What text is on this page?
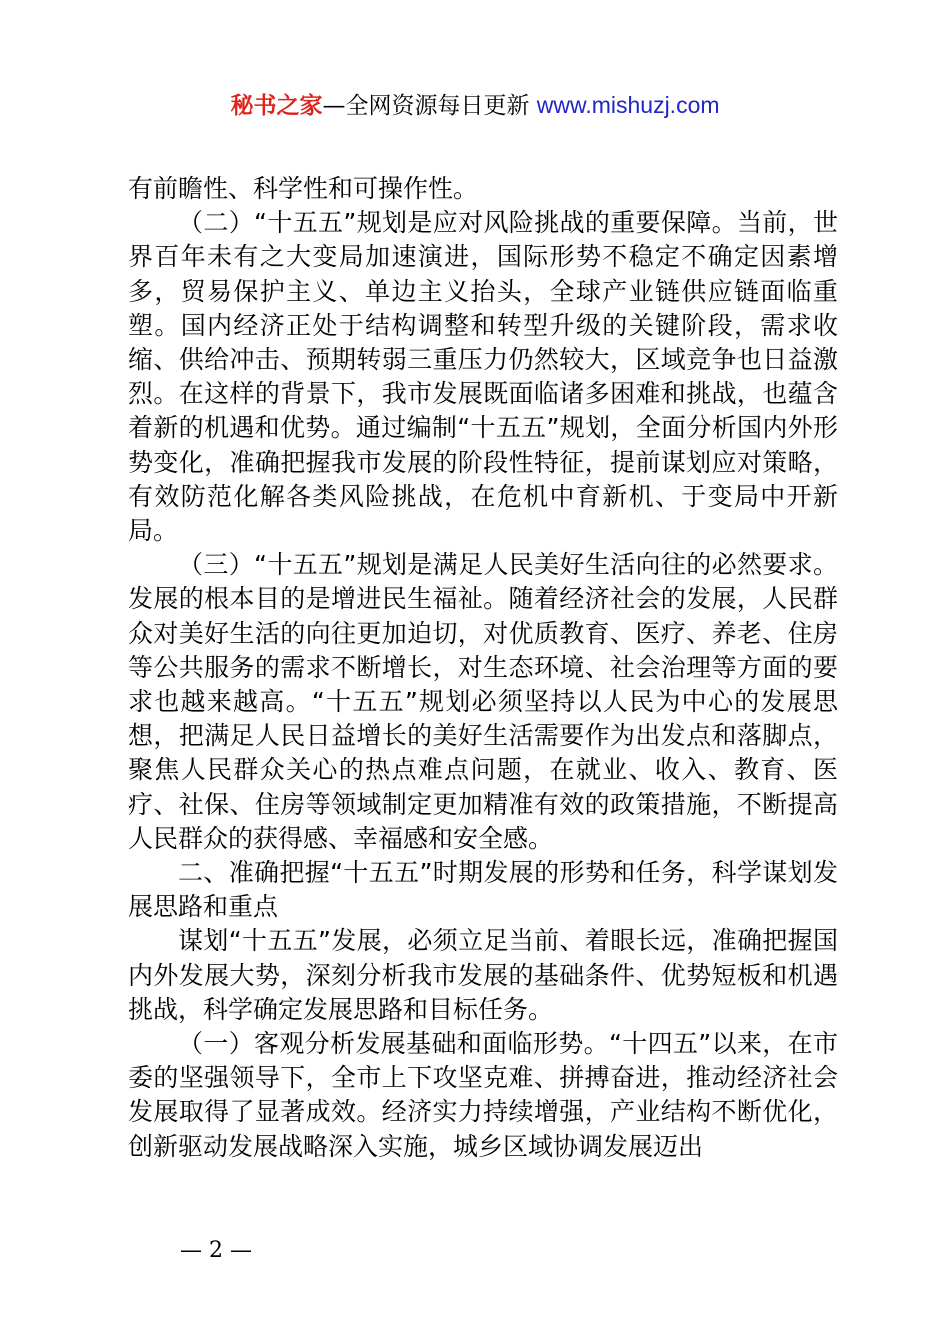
秘书之家—全网资源每日更新 www.mishuzj.com

有前瞻性、科学性和可操作性。

（二）“十五五”规划是应对风险挑战的重要保障。当前，世界百年未有之大变局加速演进，国际形势不稳定不确定因素增多，贸易保护主义、单边主义抬头，全球产业链供应链面临重塑。国内经济正处于结构调整和转型升级的关键阶段，需求收缩、供给冲击、预期转弱三重压力仍然较大，区域竞争也日益激烈。在这样的背景下，我市发展既面临诸多困难和挑战，也蕴含着新的机遇和优势。通过编制“十五五”规划，全面分析国内外形势变化，准确把握我市发展的阶段性特征，提前谋划应对策略，有效防范化解各类风险挑战，在危机中育新机、于变局中开新局。

（三）“十五五”规划是满足人民美好生活向往的必然要求。发展的根本目的是增进民生福祉。随着经济社会的发展，人民群众对美好生活的向往更加迫切，对优质教育、医疗、养老、住房等公共服务的需求不断增长，对生态环境、社会治理等方面的要求也越来越高。“十五五”规划必须坚持以人民为中心的发展思想，把满足人民日益增长的美好生活需要作为出发点和落脚点，聚焦人民群众关心的热点难点问题，在就业、收入、教育、医疗、社保、住房等领域制定更加精准有效的政策措施，不断提高人民群众的获得感、幸福感和安全感。

二、准确把握“十五五”时期发展的形势和任务，科学谋划发展思路和重点

谋划“十五五”发展，必须立足当前、着眼长远，准确把握国内外发展大势，深刻分析我市发展的基础条件、优势短板和机遇挑战，科学确定发展思路和目标任务。

（一）客观分析发展基础和面临形势。“十四五”以来，在市委的坚强领导下，全市上下攻坚克难、拼搏奋进，推动经济社会发展取得了显著成效。经济实力持续增强，产业结构不断优化，创新驱动发展战略深入实施，城乡区域协调发展迈出

— 2 —
